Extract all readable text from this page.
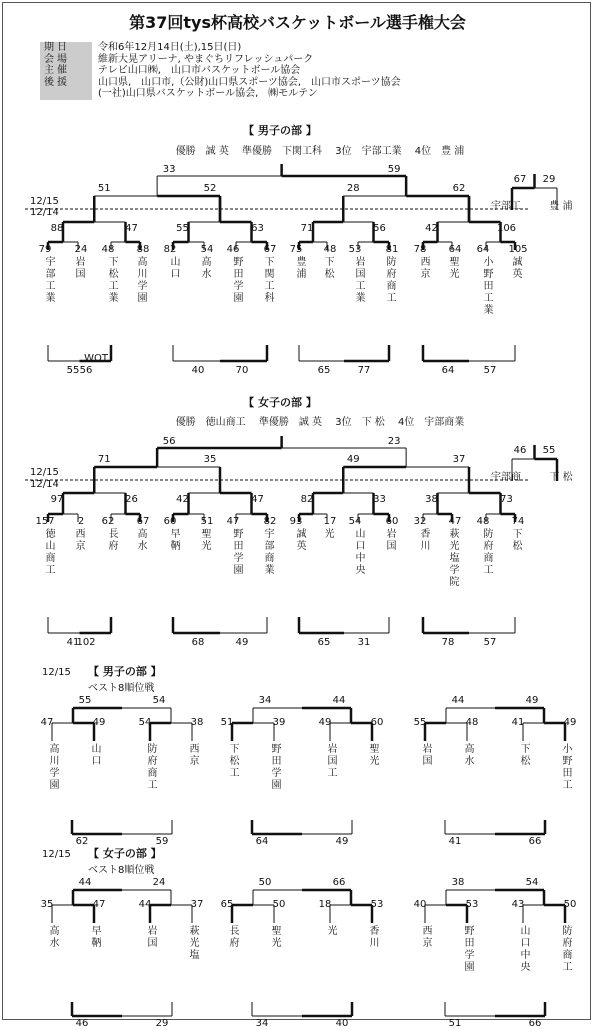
第37回tys杯高校バスケットボール選手権大会
期日	令和6年12月14日(土),15日(日)
会場	維新大晃アリーナ, やまぐちリフレッシュパーク
主催	テレビ山口㈱,　山口市バスケットボール協会
後援	山口県,　山口市,（公財)山口県スポーツ協会,　山口市スポーツ協会
(一社)山口県バスケットボール協会,　㈱モルテン
【 男子の部 】
優勝　誠 英　 準優勝　下関工科　 3位　宇部工業　 4位　豊 浦
【 女子の部 】
優勝　徳山商工　 準優勝　誠 英　 3位　下 松　 4位　宇部商業
12/15
12/14
12/15
12/14
12/15 【 男子の部 】
ベスト8順位戦
12/15 【 女子の部 】
ベスト8順位戦
79 24 48 88 82 54 46 67 75 48 53 81 78 64 64 105
88	47	55	63	71	56	42	106
51	52	28	62
33	59
67 29
宇部工	豊 浦
宇部工業 岩国 下松工業 高川学園 山口 高水 野田学園 下関工科 豊浦 下松 岩国工業 防府商工 西京 聖光 小野田工業 誠英
55 56	40	70	65	77	64	57
WOT
157 2 62 67 60 51 47 82 93 17 54 60 32 47 48 74
97	26	42	47	82	33	38	73
71	35	49	37
56	23
46 55
宇部商	下 松
徳山商工 西京 長府 高水 早鞆 聖光 野田学園 宇部商業 誠英 光 山口中央 岩国 香川 萩光塩学院 防府商工 下松
41
102	68	49	65	31	78	57
47	49	54	38
55	54
高川学園	山口	防府商工	西京
62	59
51	39	49	60
34	44
下松工	野田学園	岩国工	聖光
64	49
55	48	41	49
44	49
岩国	高水	下松	小野田工
41	66
35	47	44	37
44	24
高水	早鞆	岩国	萩光塩
46	29
65	50	18	53
50	66
長府	聖光	光	香川
34	40
40	53	43	50
38	54
西京	野田学園	山口中央	防府商工
51	66
